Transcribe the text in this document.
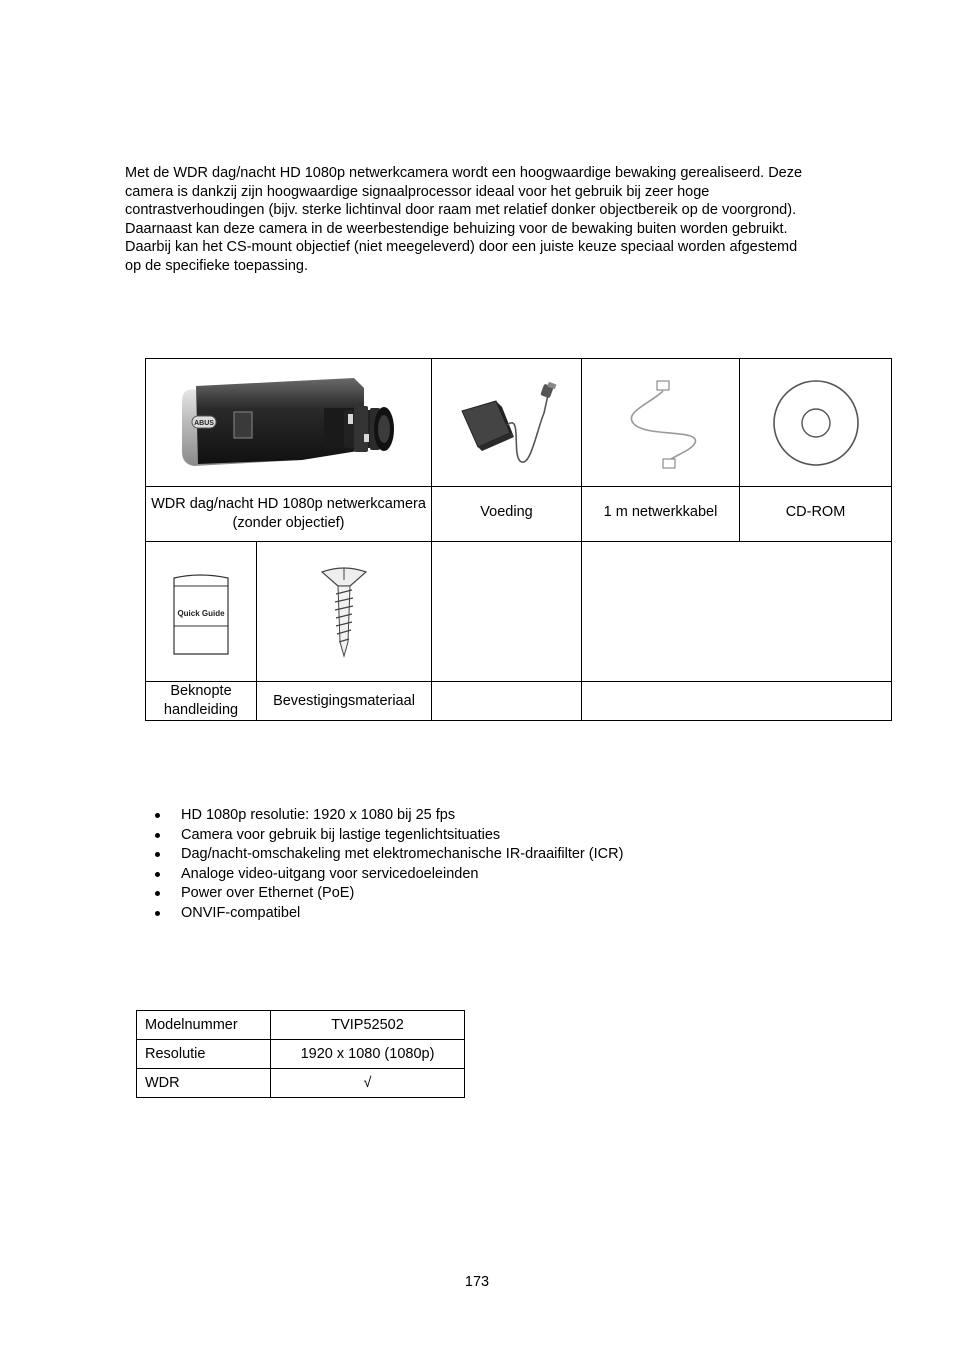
Met de WDR dag/nacht HD 1080p netwerkcamera wordt een hoogwaardige bewaking gerealiseerd. Deze
camera is dankzij zijn hoogwaardige signaalprocessor ideaal voor het gebruik bij zeer hoge
contrastverhoudingen (bijv. sterke lichtinval door raam met relatief donker objectbereik op de voorgrond).
Daarnaast kan deze camera in de weerbestendige behuizing voor de bewaking buiten worden gebruikt.
Daarbij kan het CS-mount objectief (niet meegeleverd) door een juiste keuze speciaal worden afgestemd
op de specifieke toepassing.

ABUS

WDR dag/nacht HD 1080p netwerkcamera (zonder objectief)		Voeding	1 m netwerkkabel	CD-ROM

Quick Guide

Beknopte handleiding	Bevestigingsmateriaal			
HD 1080p resolutie: 1920 x 1080 bij 25 fps
Camera voor gebruik bij lastige tegenlichtsituaties
Dag/nacht-omschakeling met elektromechanische IR-draaifilter (ICR)
Analoge video-uitgang voor servicedoeleinden
Power over Ethernet (PoE)
ONVIF-compatibel
Modelnummer	TVIP52502
Resolutie	1920 x 1080 (1080p)
WDR	√
173
